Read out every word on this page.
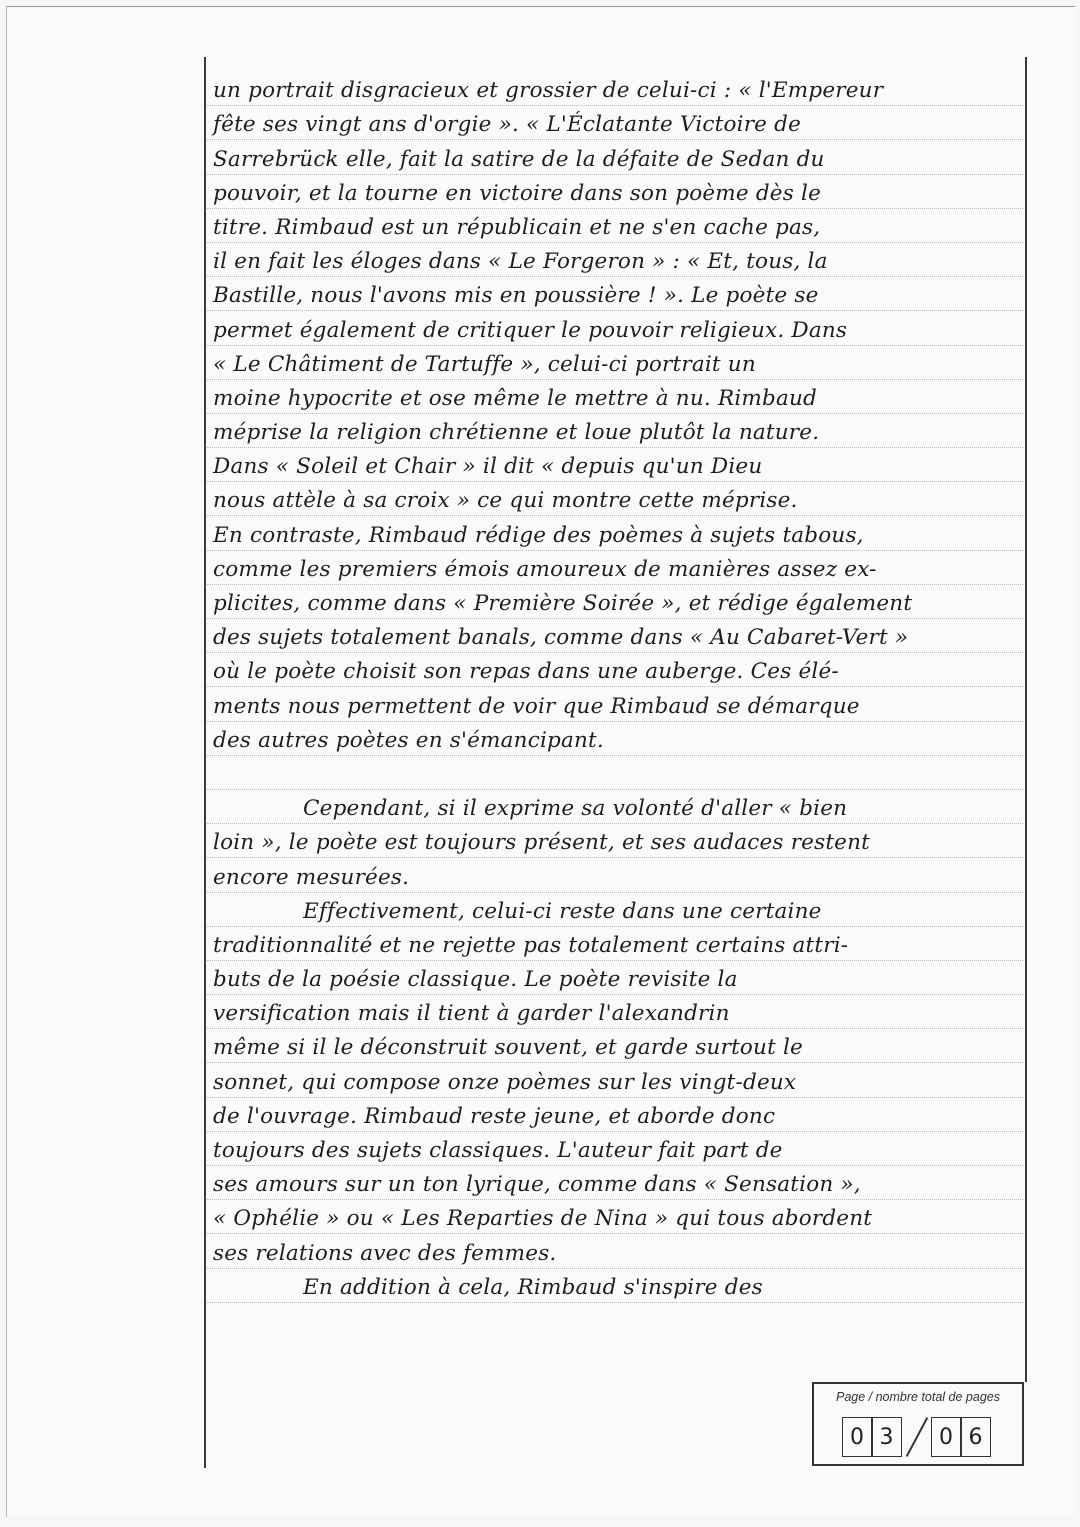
un portrait disgracieux et grossier de celui-ci : « l'Empereur
fête ses vingt ans d'orgie ». « L'Éclatante Victoire de
Sarrebrück elle, fait la satire de la défaite de Sedan du
pouvoir, et la tourne en victoire dans son poème dès le
titre. Rimbaud est un républicain et ne s'en cache pas,
il en fait les éloges dans « Le Forgeron » : « Et, tous, la
Bastille, nous l'avons mis en poussière ! ». Le poète se
permet également de critiquer le pouvoir religieux. Dans
« Le Châtiment de Tartuffe », celui-ci portrait un
moine hypocrite et ose même le mettre à nu. Rimbaud
méprise la religion chrétienne et loue plutôt la nature.
Dans « Soleil et Chair » il dit « depuis qu'un Dieu
nous attèle à sa croix » ce qui montre cette méprise.
En contraste, Rimbaud rédige des poèmes à sujets tabous,
comme les premiers émois amoureux de manières assez ex-
plicites, comme dans « Première Soirée », et rédige également
des sujets totalement banals, comme dans « Au Cabaret-Vert »
où le poète choisit son repas dans une auberge. Ces élé-
ments nous permettent de voir que Rimbaud se démarque
des autres poètes en s'émancipant.
Cependant, si il exprime sa volonté d'aller « bien
loin », le poète est toujours présent, et ses audaces restent
encore mesurées.
Effectivement, celui-ci reste dans une certaine
traditionnalité et ne rejette pas totalement certains attri-
buts de la poésie classique. Le poète revisite la
versification mais il tient à garder l'alexandrin
même si il le déconstruit souvent, et garde surtout le
sonnet, qui compose onze poèmes sur les vingt-deux
de l'ouvrage. Rimbaud reste jeune, et aborde donc
toujours des sujets classiques. L'auteur fait part de
ses amours sur un ton lyrique, comme dans « Sensation »,
« Ophélie » ou « Les Reparties de Nina » qui tous abordent
ses relations avec des femmes.
En addition à cela, Rimbaud s'inspire des
Page / nombre total de pages
0 3	0 6
